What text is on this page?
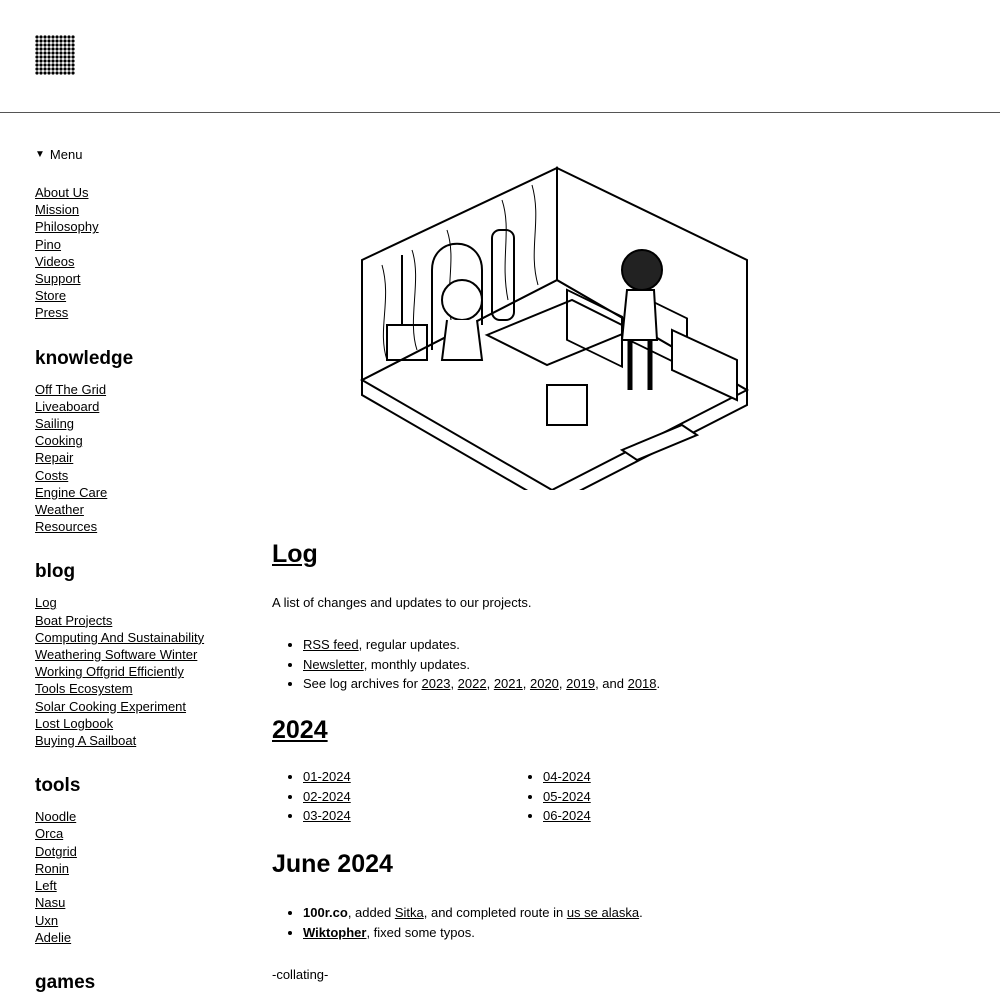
▼ Menu
About Us
Mission
Philosophy
Pino
Videos
Support
Store
Press
knowledge
Off The Grid
Liveaboard
Sailing
Cooking
Repair
Costs
Engine Care
Weather
Resources
blog
Log
Boat Projects
Computing And Sustainability
Weathering Software Winter
Working Offgrid Efficiently
Tools Ecosystem
Solar Cooking Experiment
Lost Logbook
Buying A Sailboat
tools
Noodle
Orca
Dotgrid
Ronin
Left
Nasu
Uxn
Adelie
games
Log

A list of changes and updates to our projects.

• RSS feed, regular updates.
• Newsletter, monthly updates.
• See log archives for 2023, 2022, 2021, 2020, 2019, and 2018.
2024
• 01-2024
• 02-2024
• 03-2024
• 04-2024
• 05-2024
• 06-2024
June 2024
• 100r.co, added Sitka, and completed route in us se alaska.
• Wiktopher, fixed some typos.

-collating-
